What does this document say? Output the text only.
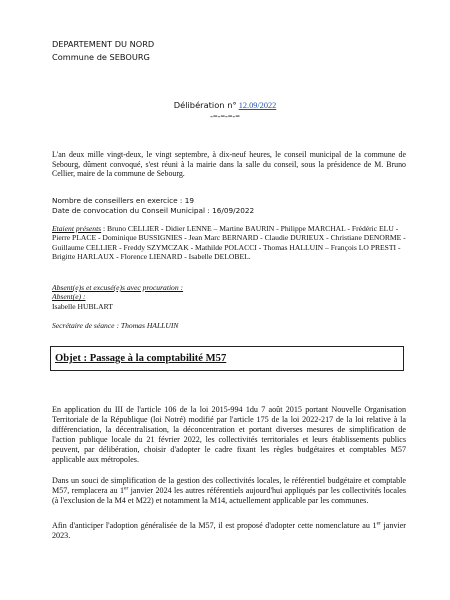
DEPARTEMENT DU NORD
Commune de SEBOURG
Délibération n° 12.09/2022
-=-=-=-=
L'an deux mille vingt-deux, le vingt septembre, à dix-neuf heures, le conseil municipal de la commune de Sebourg, dûment convoqué, s'est réuni à la mairie dans la salle du conseil, sous la présidence de M. Bruno Cellier, maire de la commune de Sebourg.
Nombre de conseillers en exercice : 19
Date de convocation du Conseil Municipal : 16/09/2022
Etaient présents : Bruno CELLIER - Didier LENNE – Martine BAURIN - Philippe MARCHAL - Frédéric ELU - Pierre PLACE - Dominique BUSSIGNIES - Jean Marc BERNARD - Claudie DURIEUX - Christiane DENORME - Guillaume CELLIER - Freddy SZYMCZAK - Mathilde POLACCI - Thomas HALLUIN – François LO PRESTI - Brigitte HARLAUX - Florence LIENARD - Isabelle DELOBEL.
Absent(e)s et excusé(e)s avec procuration :
Absent(e) :
Isabelle HUBLART
Secrétaire de séance : Thomas HALLUIN
Objet : Passage à la comptabilité M57
En application du III de l'article 106 de la loi 2015-994 1du 7 août 2015 portant Nouvelle Organisation Territoriale de la République (loi Notré) modifié par l'article 175 de la loi 2022-217 de la loi relative à la différenciation, la décentralisation, la déconcentration et portant diverses mesures de simplification de l'action publique locale du 21 février 2022, les collectivités territoriales et leurs établissements publics peuvent, par délibération, choisir d'adopter le cadre fixant les règles budgétaires et comptables M57 applicable aux métropoles.
Dans un souci de simplification de la gestion des collectivités locales, le référentiel budgétaire et comptable M57, remplacera au 1er janvier 2024 les autres référentiels aujourd'hui appliqués par les collectivités locales (à l'exclusion de la M4 et M22) et notamment la M14, actuellement applicable par les communes.
Afin d'anticiper l'adoption généralisée de la M57, il est proposé d'adopter cette nomenclature au 1er janvier 2023.
